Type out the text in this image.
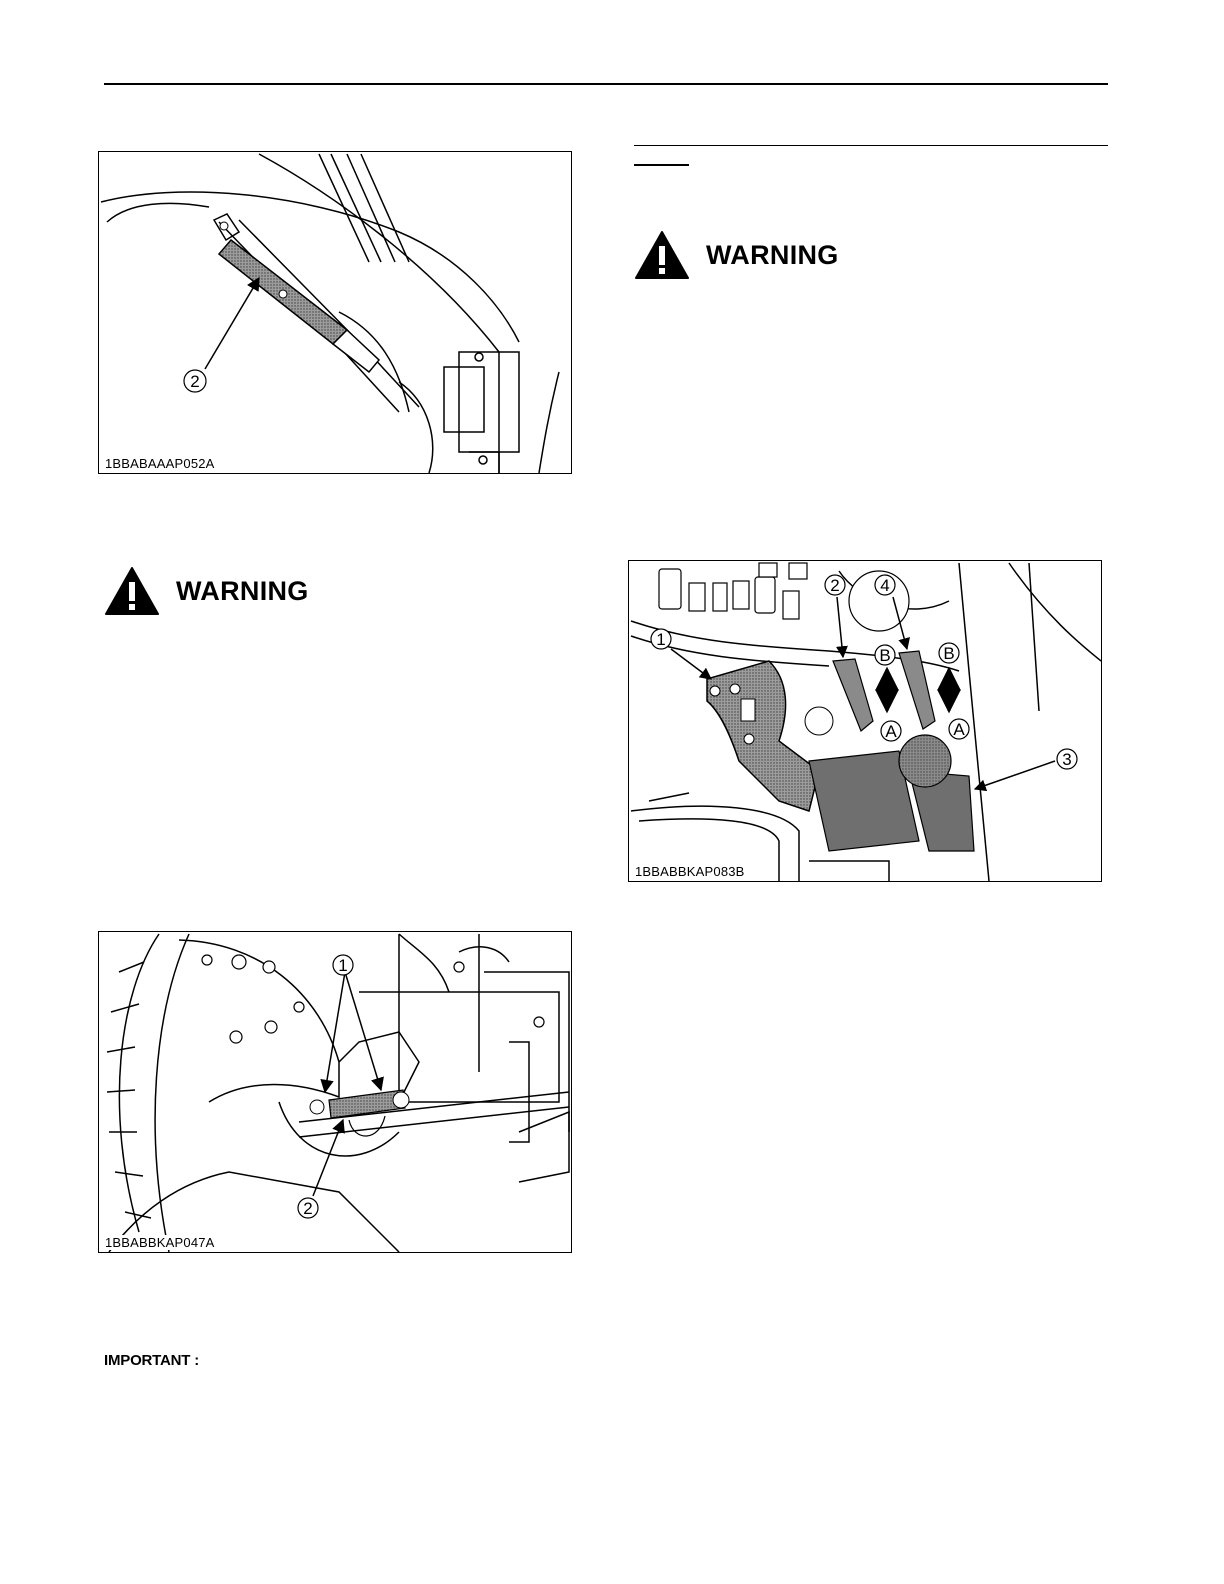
2
1BBABAAAP052A
WARNING
WARNING
1
2
1BBABBKAP047A
1
2
3
4
A	A
B	B
1BBABBKAP083B
IMPORTANT :
